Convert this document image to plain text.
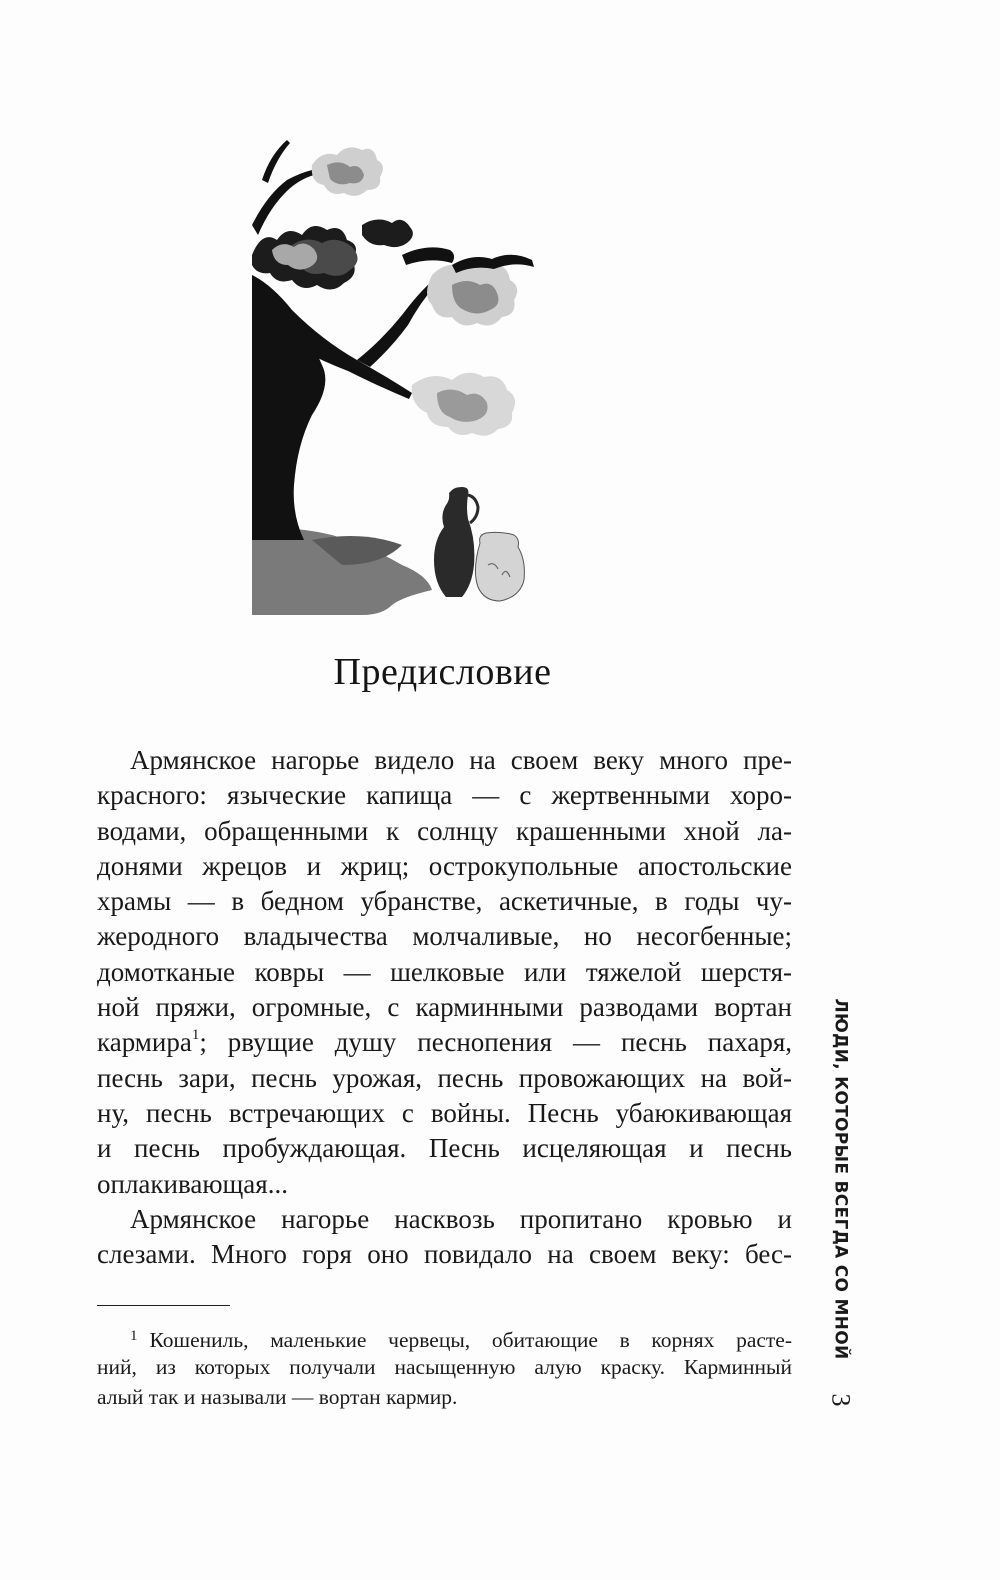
Предисловие
Армянское нагорье видело на своем веку много пре-
красного: языческие капища — с жертвенными хоро-
водами, обращенными к солнцу крашенными хной ла-
донями жрецов и жриц; острокупольные апостольские
храмы — в бедном убранстве, аскетичные, в годы чу-
жеродного владычества молчаливые, но несогбенные;
домотканые ковры — шелковые или тяжелой шерстя-
ной пряжи, огромные, с карминными разводами вортан
кармира$^1$; рвущие душу песнопения — песнь пахаря,
песнь зари, песнь урожая, песнь провожающих на вой-
ну, песнь встречающих с войны. Песнь убаюкивающая
и песнь пробуждающая. Песнь исцеляющая и песнь
оплакивающая...
Армянское нагорье насквозь пропитано кровью и
слезами. Много горя оно повидало на своем веку: бес-
$^1$ Кошениль, маленькие червецы, обитающие в корнях расте-
ний, из которых получали насыщенную алую краску. Карминный
алый так и называли — вортан кармир.
ЛЮДИ, КОТОРЫЕ ВСЕГДА СО МНОЙ
3
